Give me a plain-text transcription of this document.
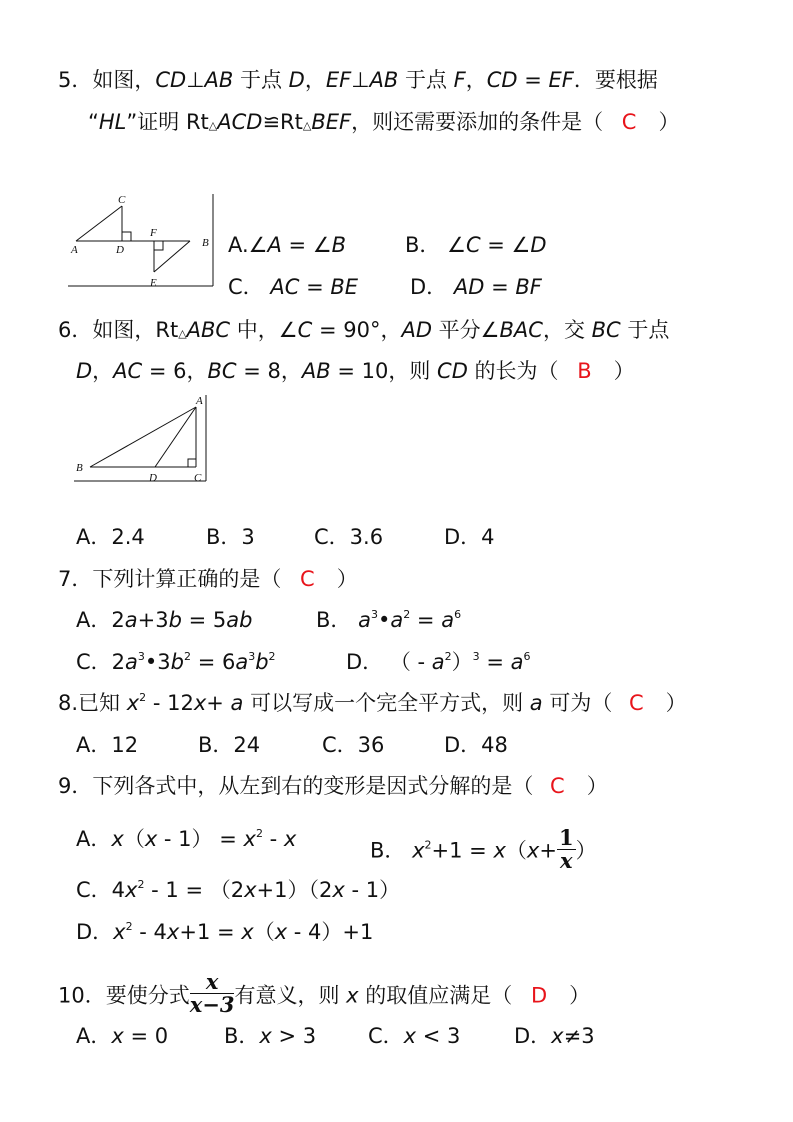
5．如图，CD⊥AB 于点 D，EF⊥AB 于点 F，CD = EF．要根据
“HL”证明 Rt△ACD≌Rt△BEF，则还需要添加的条件是（ C ）
C
A	D
F
B
E
A.∠A = ∠B	B． ∠C = ∠D
C． AC = BE D． AD = BF
6．如图，Rt△ABC 中，∠C = 90°，AD 平分∠BAC，交 BC 于点
D，AC = 6，BC = 8，AB = 10，则 CD 的长为（ B ）
A
B
D	C
A．2.4	B．3	C．3.6	D．4
7．下列计算正确的是（ C ）
A．2a+3b = 5ab	B． $a^3•a^2 = a^6$
C．$2a^3•3b^2 = 6a^3b^2$	D． （ - $a^2)^3 = a^6$
8.已知 $x^2 - 12x+ a$ 可以写成一个完全平方式，则 a 可为（ C ）
A．12	B．24	C．36	D．48
9．下列各式中，从左到右的变形是因式分解的是（ C ）
A．$x(x - 1) = x^2 - x$	B． $x^2+1 = x(x+ \frac{1}{x}$ ）
C．$4x^2 - 1 = (2x+1)(2x - 1)$
D．$x^2 - 4x+1 = x(x - 4)+1$
10．要使分式 $\frac{x}{x-3}$ 有意义，则 x 的取值应满足（ D ）
A．x = 0	B．x > 3 C．x < 3	D．x≠3
